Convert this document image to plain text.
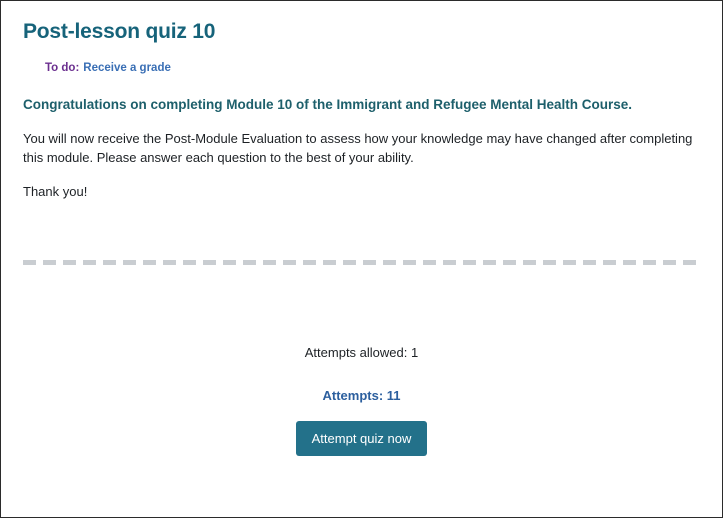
Post-lesson quiz 10
To do: Receive a grade

Congratulations on completing Module 10 of the Immigrant and Refugee Mental Health Course.

You will now receive the Post-Module Evaluation to assess how your knowledge may have changed after completing this module. Please answer each question to the best of your ability.

Thank you!

Attempts allowed: 1

Attempts: 11

Attempt quiz now
